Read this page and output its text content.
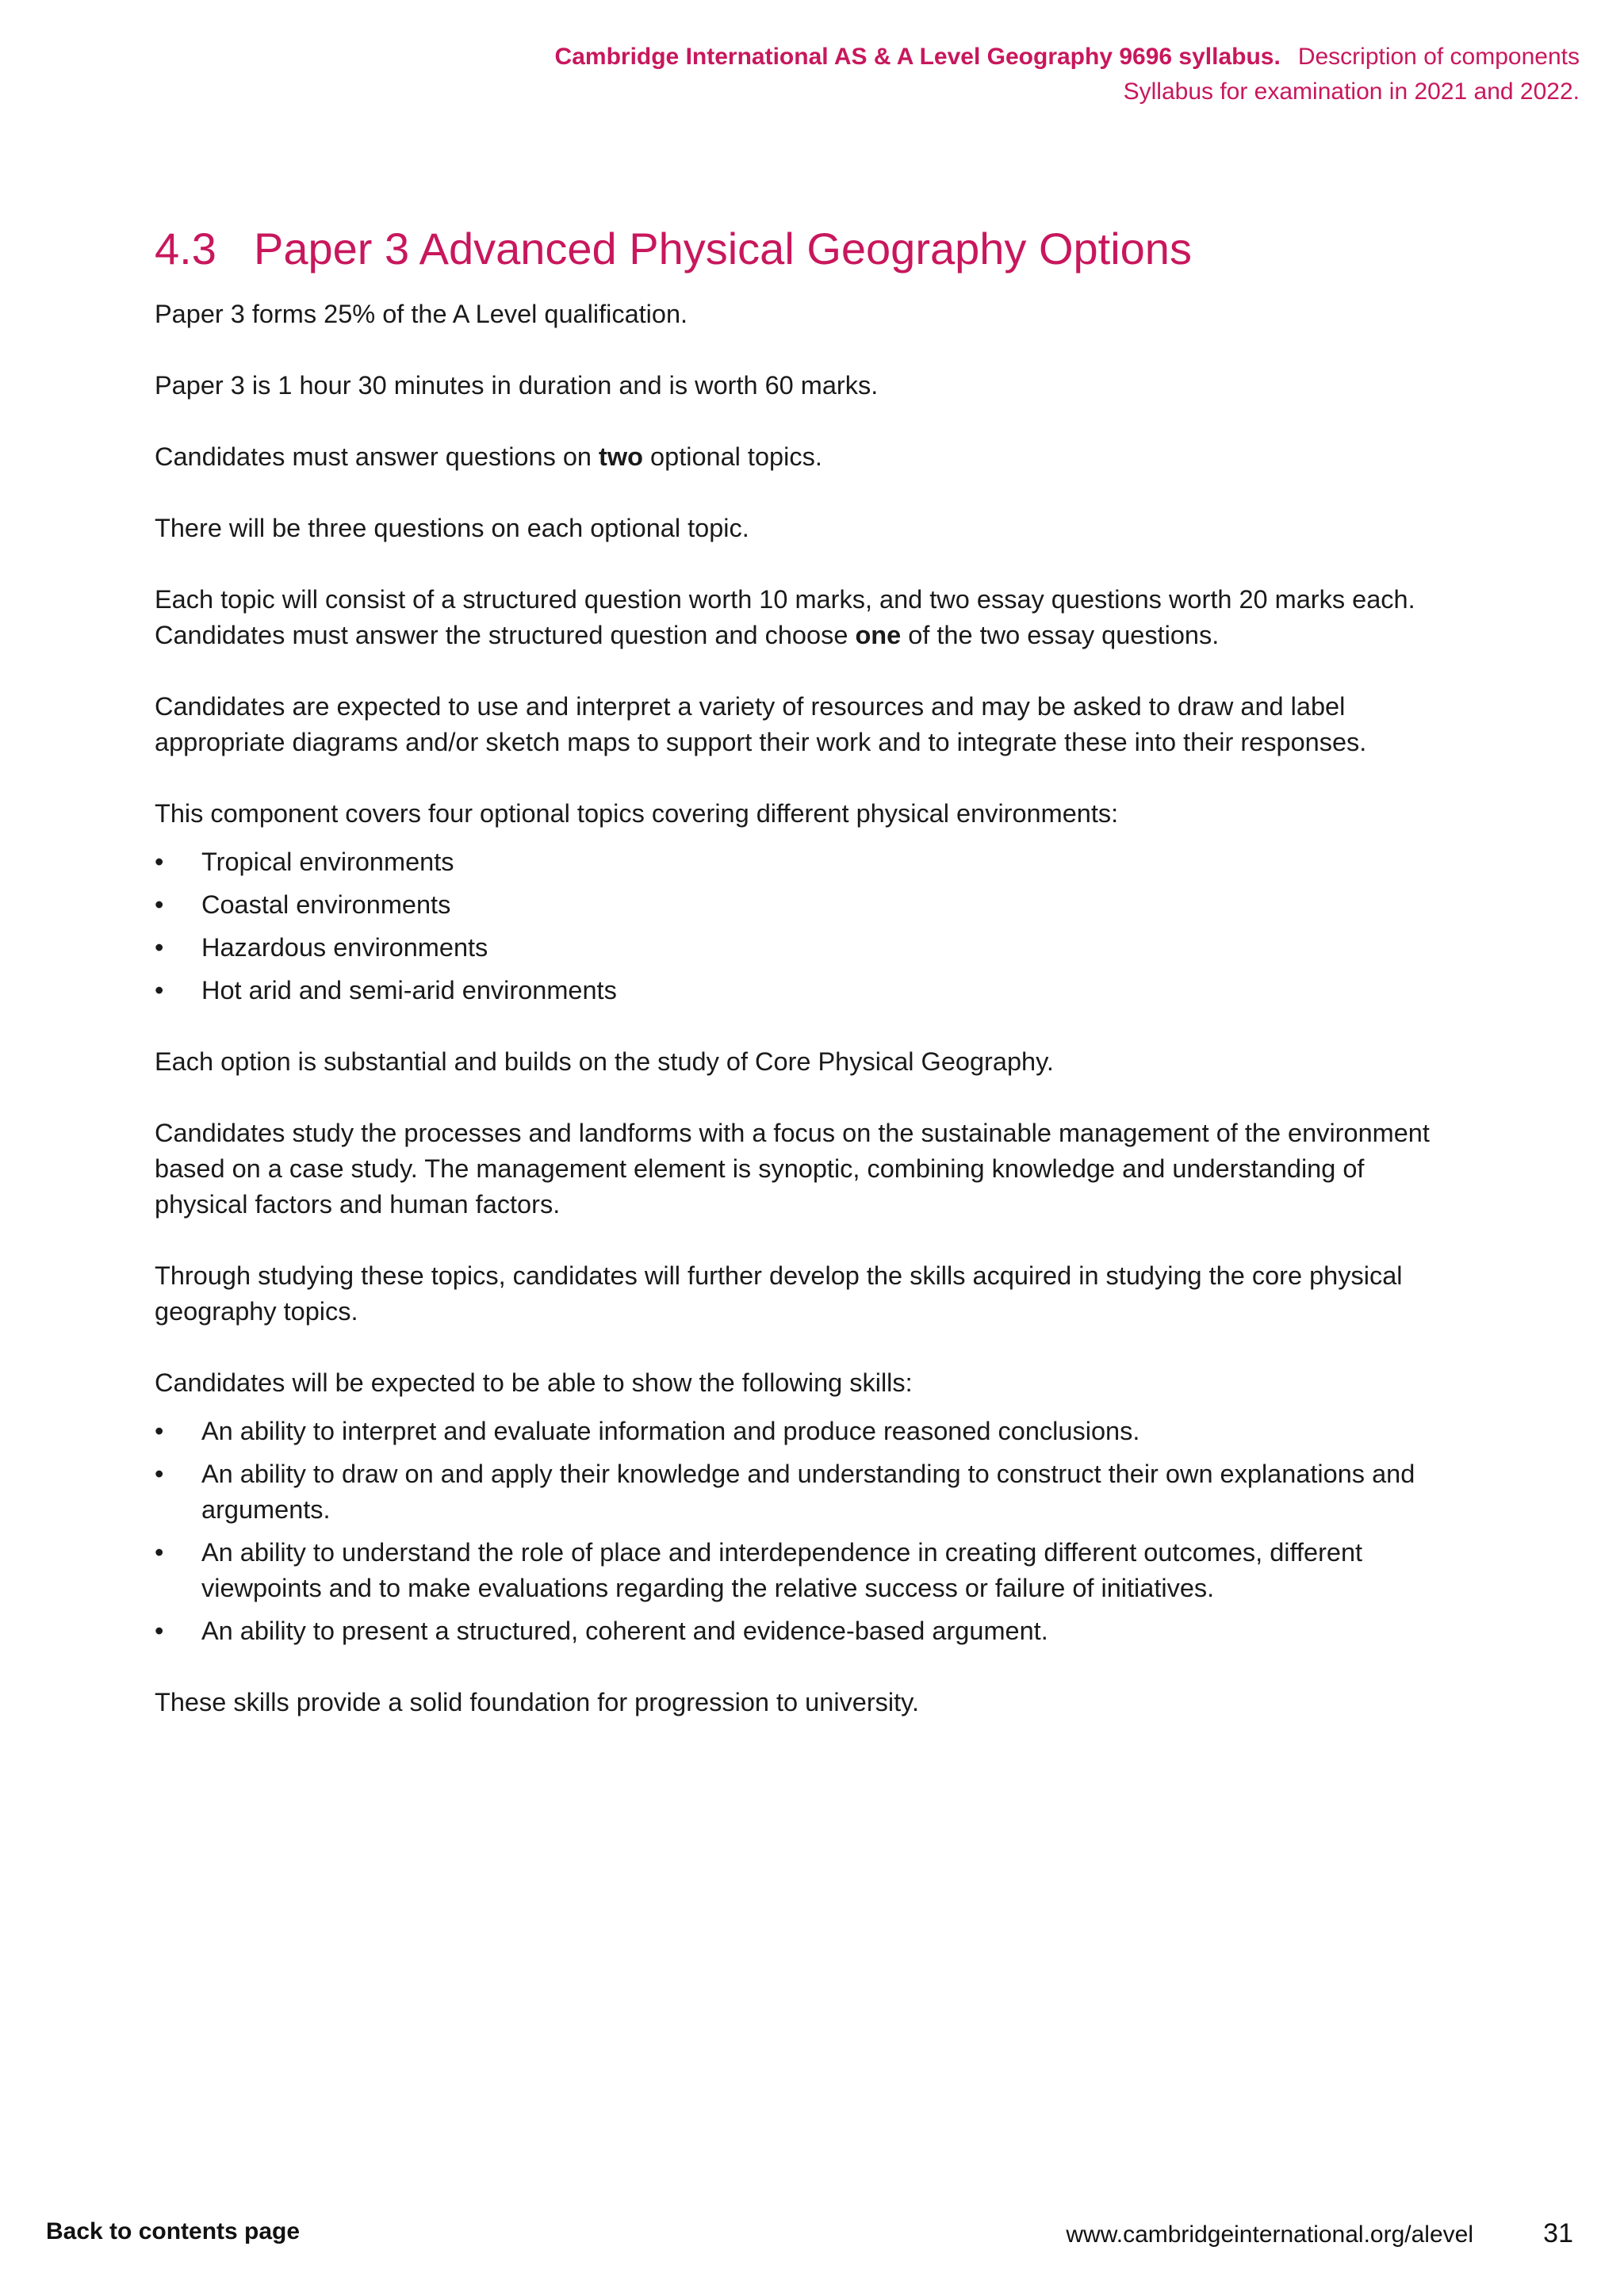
Cambridge International AS & A Level Geography 9696 syllabus. Description of components
Syllabus for examination in 2021 and 2022.
4.3 Paper 3 Advanced Physical Geography Options

Paper 3 forms 25% of the A Level qualification.

Paper 3 is 1 hour 30 minutes in duration and is worth 60 marks.

Candidates must answer questions on two optional topics.

There will be three questions on each optional topic.

Each topic will consist of a structured question worth 10 marks, and two essay questions worth 20 marks each. Candidates must answer the structured question and choose one of the two essay questions.

Candidates are expected to use and interpret a variety of resources and may be asked to draw and label appropriate diagrams and/or sketch maps to support their work and to integrate these into their responses.

This component covers four optional topics covering different physical environments:

• Tropical environments
• Coastal environments
• Hazardous environments
• Hot arid and semi-arid environments

Each option is substantial and builds on the study of Core Physical Geography.

Candidates study the processes and landforms with a focus on the sustainable management of the environment based on a case study. The management element is synoptic, combining knowledge and understanding of physical factors and human factors.

Through studying these topics, candidates will further develop the skills acquired in studying the core physical geography topics.

Candidates will be expected to be able to show the following skills:

• An ability to interpret and evaluate information and produce reasoned conclusions.
• An ability to draw on and apply their knowledge and understanding to construct their own explanations and arguments.
• An ability to understand the role of place and interdependence in creating different outcomes, different viewpoints and to make evaluations regarding the relative success or failure of initiatives.
• An ability to present a structured, coherent and evidence-based argument.

These skills provide a solid foundation for progression to university.

Back to contents page	www.cambridgeinternational.org/alevel	31
